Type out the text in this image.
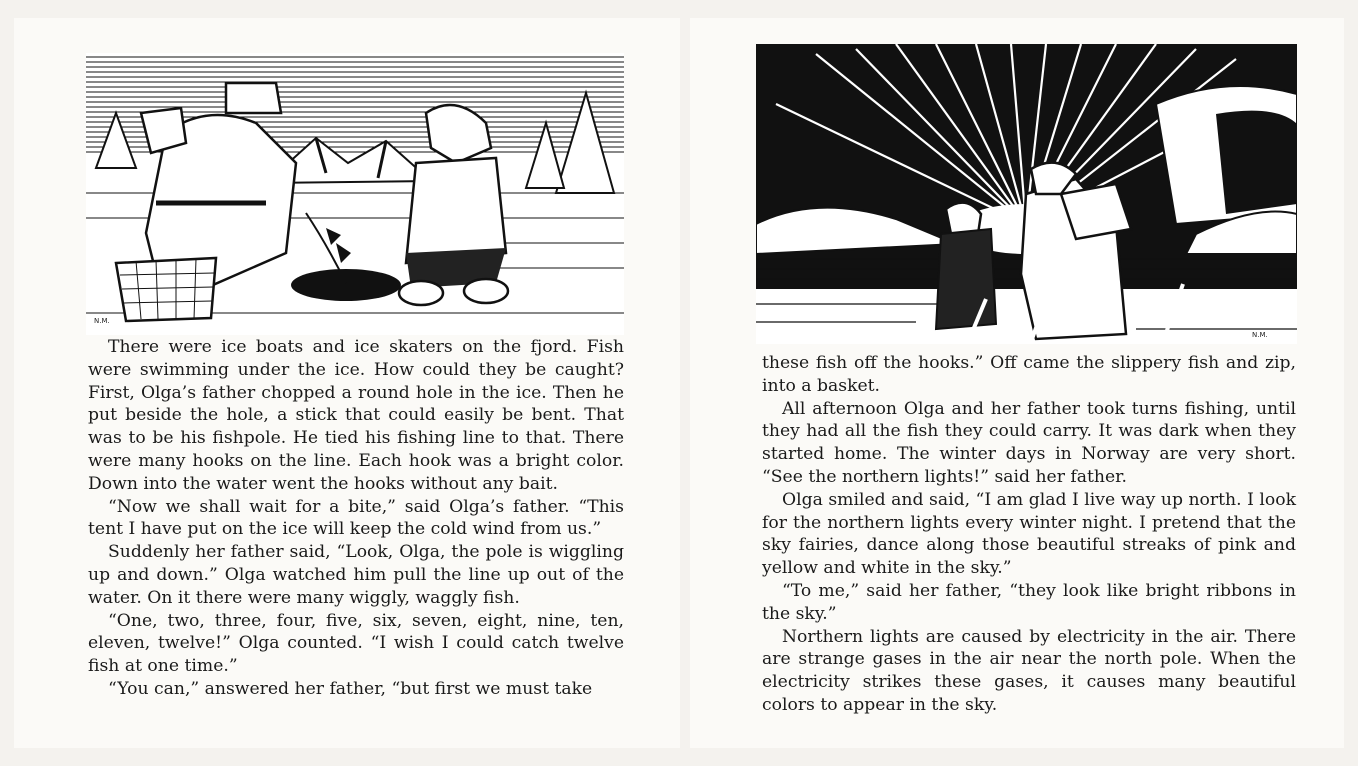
N.M.

There were ice boats and ice skaters on the fjord. Fish were swimming under the ice. How could they be caught? First, Olga’s father chopped a round hole in the ice. Then he put beside the hole, a stick that could easily be bent. That was to be his fishpole. He tied his fishing line to that. There were many hooks on the line. Each hook was a bright color. Down into the water went the hooks without any bait.

“Now we shall wait for a bite,” said Olga’s father. “This tent I have put on the ice will keep the cold wind from us.”

Suddenly her father said, “Look, Olga, the pole is wiggling up and down.” Olga watched him pull the line up out of the water. On it there were many wiggly, waggly fish.

“One, two, three, four, five, six, seven, eight, nine, ten, eleven, twelve!” Olga counted. “I wish I could catch twelve fish at one time.”

“You can,” answered her father, “but first we must take

N.M.

these fish off the hooks.” Off came the slippery fish and zip, into a basket.

All afternoon Olga and her father took turns fishing, until they had all the fish they could carry. It was dark when they started home. The winter days in Norway are very short. “See the northern lights!” said her father.

Olga smiled and said, “I am glad I live way up north. I look for the northern lights every winter night. I pretend that the sky fairies, dance along those beautiful streaks of pink and yellow and white in the sky.”

“To me,” said her father, “they look like bright ribbons in the sky.”

Northern lights are caused by electricity in the air. There are strange gases in the air near the north pole. When the electricity strikes these gases, it causes many beautiful colors to appear in the sky.
